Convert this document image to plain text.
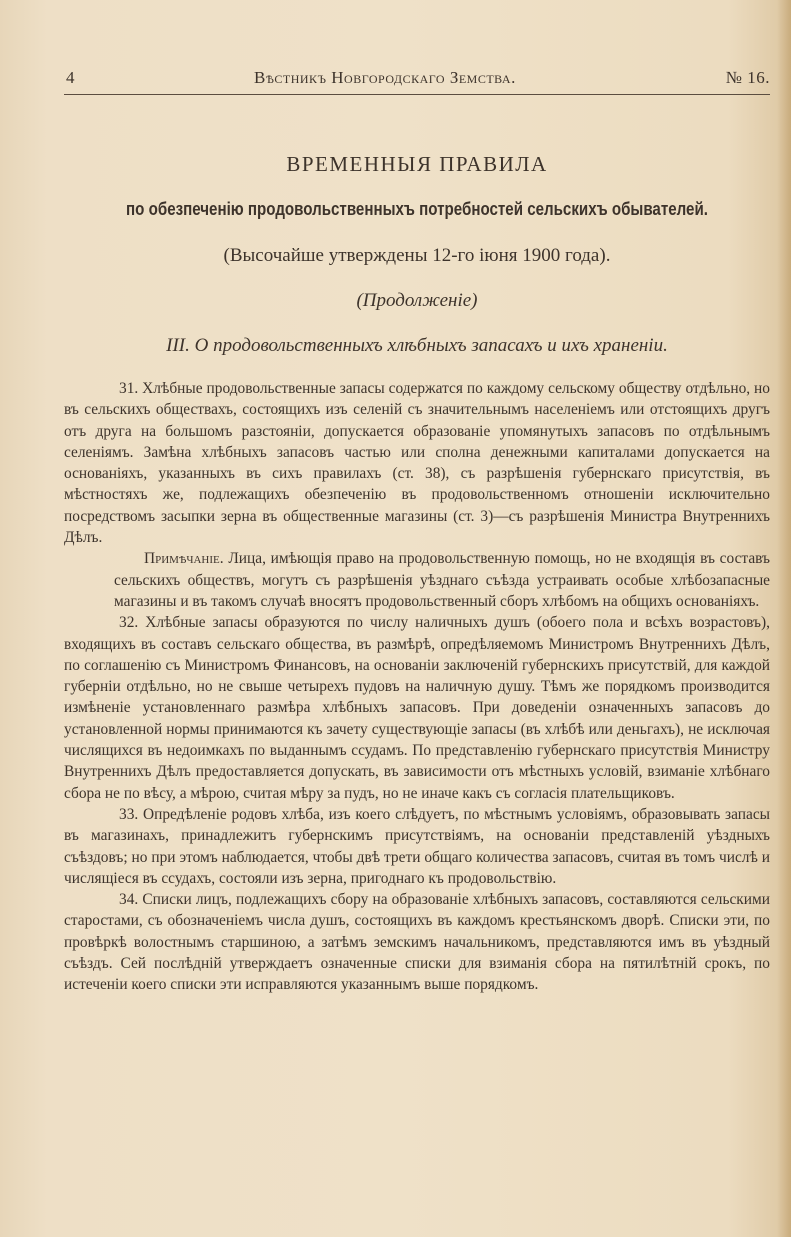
4	Вѣстникъ Новгородскаго Земства.	№ 16.
ВРЕМЕННЫЯ ПРАВИЛА
по обезпеченію продовольственныхъ потребностей сельскихъ обывателей.
(Высочайше утверждены 12-го іюня 1900 года).
(Продолженіе)
III. О продовольственныхъ хлѣбныхъ запасахъ и ихъ храненіи.

31. Хлѣбные продовольственные запасы содержатся по каждому сельскому обществу отдѣльно, но въ сельскихъ обществахъ, состоящихъ изъ селеній съ значительнымъ населеніемъ или отстоящихъ другъ отъ друга на большомъ разстояніи, допускается образованіе упомянутыхъ запасовъ по отдѣльнымъ селеніямъ. Замѣна хлѣбныхъ запасовъ частью или сполна денежными капиталами допускается на основаніяхъ, указанныхъ въ сихъ правилахъ (ст. 38), съ разрѣшенія губернскаго присутствія, въ мѣстностяхъ же, подлежащихъ обезпеченію въ продовольственномъ отношеніи исключительно посредствомъ засыпки зерна въ общественные магазины (ст. 3)—съ разрѣшенія Министра Внутреннихъ Дѣлъ.

Примѣчаніе. Лица, имѣющія право на продовольственную помощь, но не входящія въ составъ сельскихъ обществъ, могутъ съ разрѣшенія уѣзднаго съѣзда устраивать особые хлѣбозапасные магазины и въ такомъ случаѣ вносятъ продовольственный сборъ хлѣбомъ на общихъ основаніяхъ.

32. Хлѣбные запасы образуются по числу наличныхъ душъ (обоего пола и всѣхъ возрастовъ), входящихъ въ составъ сельскаго общества, въ размѣрѣ, опредѣляемомъ Министромъ Внутреннихъ Дѣлъ, по соглашенію съ Министромъ Финансовъ, на основаніи заключеній губернскихъ присутствій, для каждой губерніи отдѣльно, но не свыше четырехъ пудовъ на наличную душу. Тѣмъ же порядкомъ производится измѣненіе установленнаго размѣра хлѣбныхъ запасовъ. При доведеніи означенныхъ запасовъ до установленной нормы принимаются къ зачету существующіе запасы (въ хлѣбѣ или деньгахъ), не исключая числящихся въ недоимкахъ по выданнымъ ссудамъ. По представленію губернскаго присутствія Министру Внутреннихъ Дѣлъ предоставляется допускать, въ зависимости отъ мѣстныхъ условій, взиманіе хлѣбнаго сбора не по вѣсу, а мѣрою, считая мѣру за пудъ, но не иначе какъ съ согласія плательщиковъ.

33. Опредѣленіе родовъ хлѣба, изъ коего слѣдуетъ, по мѣстнымъ условіямъ, образовывать запасы въ магазинахъ, принадлежитъ губернскимъ присутствіямъ, на основаніи представленій уѣздныхъ съѣздовъ; но при этомъ наблюдается, чтобы двѣ трети общаго количества запасовъ, считая въ томъ числѣ и числящіеся въ ссудахъ, состояли изъ зерна, пригоднаго къ продовольствію.

34. Списки лицъ, подлежащихъ сбору на образованіе хлѣбныхъ запасовъ, составляются сельскими старостами, съ обозначеніемъ числа душъ, состоящихъ въ каждомъ крестьянскомъ дворѣ. Списки эти, по провѣркѣ волостнымъ старшиною, а затѣмъ земскимъ начальникомъ, представляются имъ въ уѣздный съѣздъ. Сей послѣдній утверждаетъ означенные списки для взиманія сбора на пятилѣтній срокъ, по истеченіи коего списки эти исправляются указаннымъ выше порядкомъ.
